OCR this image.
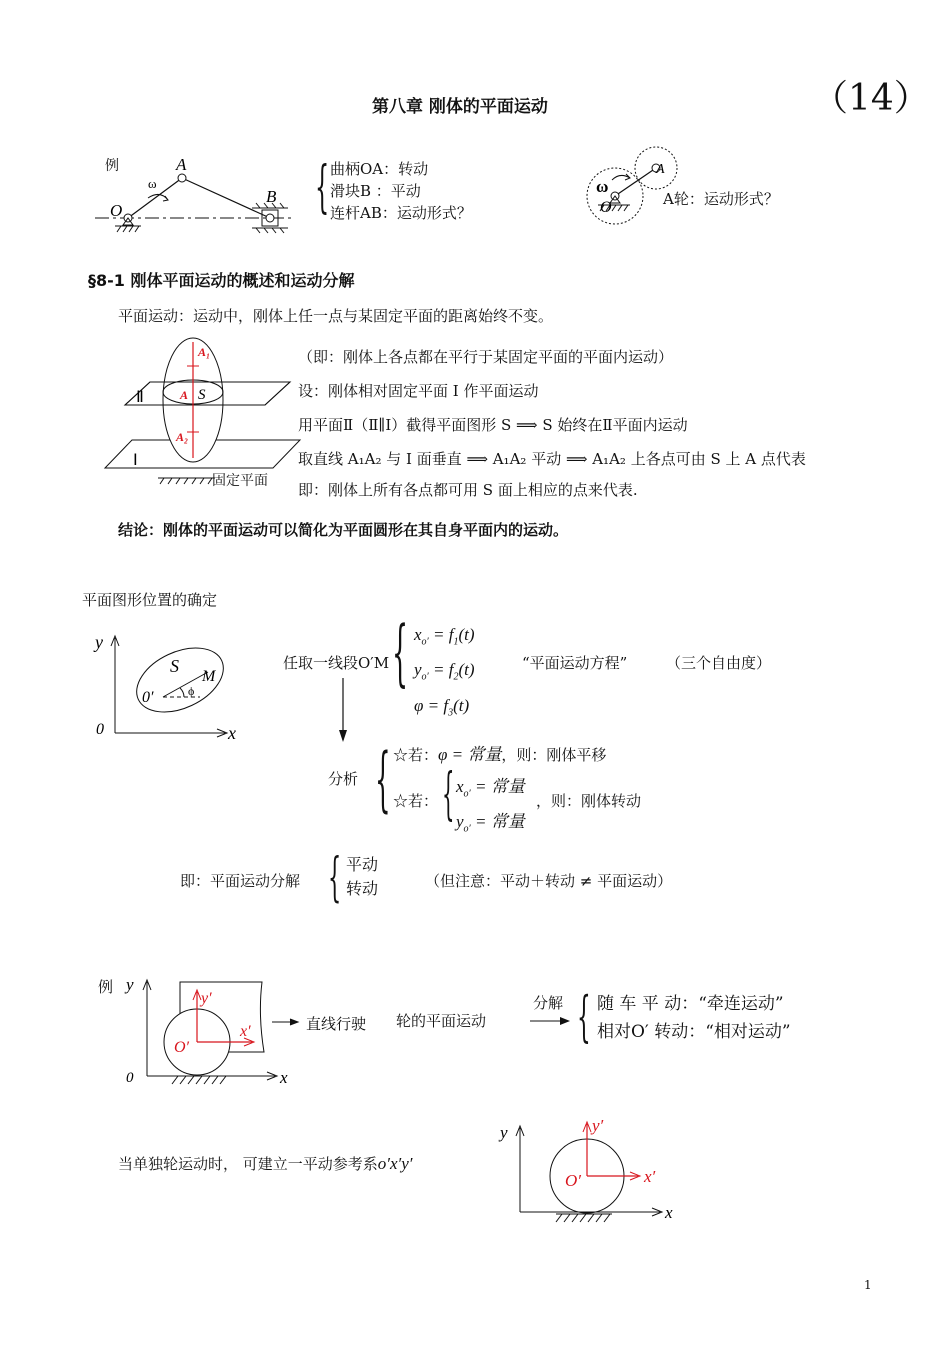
第八章 刚体的平面运动	（14）
例	A
B
O
ω	{ 曲柄OA：转动
滑块B ：平动
连杆AB：运动形式？
ω
O
A
A轮：运动形式？
§8-1 刚体平面运动的概述和运动分解
平面运动：运动中，刚体上任一点与某固定平面的距离始终不变。
A₁
A
A₂
S
Ⅱ
Ⅰ
固定平面
（即：刚体上各点都在平行于某固定平面的平面内运动）
设：刚体相对固定平面 I 作平面运动
用平面Ⅱ（Ⅱ∥Ⅰ）截得平面图形 S ⟹ S 始终在Ⅱ平面内运动
取直线 A₁A₂ 与 I 面垂直 ⟹ A₁A₂ 平动 ⟹ A₁A₂ 上各点可由 S 上 A 点代表
即：刚体上所有各点都可用 S 面上相应的点来代表.
结论：刚体的平面运动可以简化为平面圆形在其自身平面内的运动。
平面图形位置的确定
y
x
0
S
M
0′	ϕ
任取一线段O′M { $x_{o'} = f_1(t)$
$y_{o'} = f_2(t)$
$\varphi = f_3(t)$
“平面运动方程”	（三个自由度）
分析 { ☆若：φ = 常量，则：刚体平移
☆若： { $x_{o'}$ = 常量
$y_{o'}$ = 常量
，则：刚体转动
即：平面运动分解 { 平动
转动	（但注意：平动＋转动 ≠ 平面运动）
例 y
x
0
y′
x′
O′
直线行驶 轮的平面运动
分解 { 随 车 平 动：“牵连运动”
相对O′ 转动：“相对运动”
当单独轮运动时， 可建立一平动参考系o′x′y′
y
x
y′
x′
O′
1
